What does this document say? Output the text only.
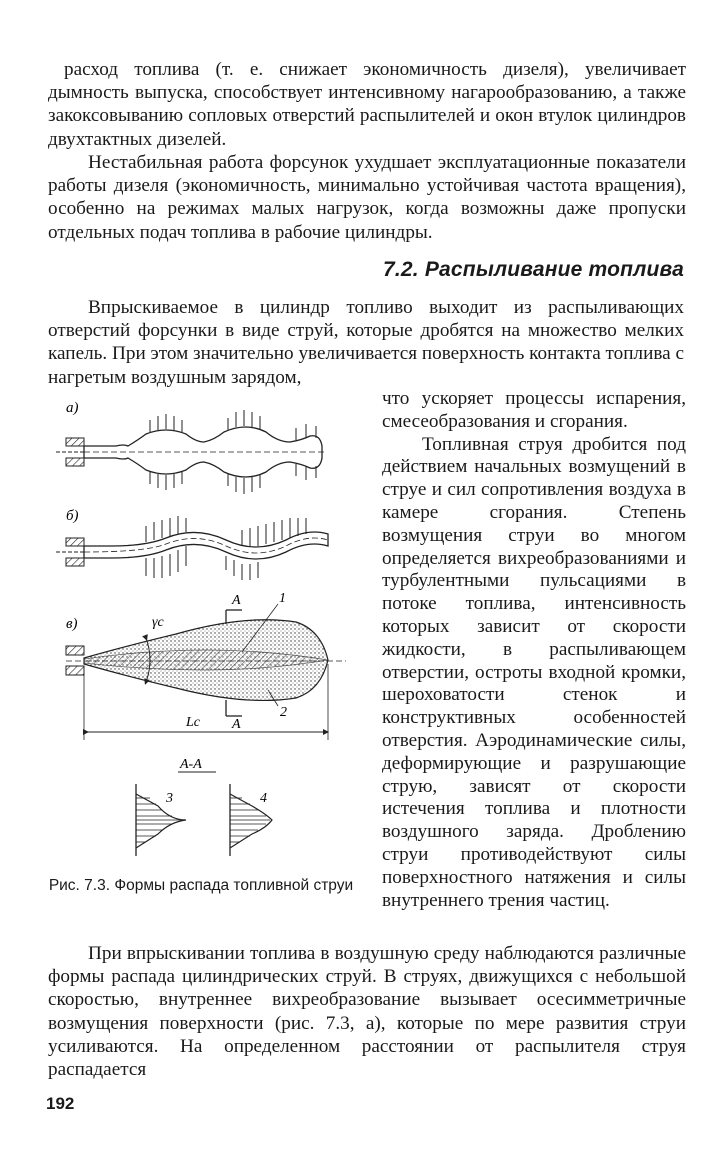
расход топлива (т. е. снижает экономичность дизеля), увеличивает дымность выпуска, способствует интенсивному нагарообразованию, а также закоксовыванию сопловых отверстий распылителей и окон втулок цилиндров двухтактных дизелей.
Нестабильная работа форсунок ухудшает эксплуатационные показатели работы дизеля (экономичность, минимально устойчивая частота вращения), особенно на режимах малых нагрузок, когда возможны даже пропуски отдельных подач топлива в рабочие цилиндры.
7.2. Распыливание топлива
Впрыскиваемое в цилиндр топливо выходит из распыливающих отверстий форсунки в виде струй, которые дробятся на множество мелких капель. При этом значительно увеличивается поверхность контакта топлива с нагретым воздушным зарядом,

что ускоряет процессы испарения, смесеобразования и сгорания.

Топливная струя дробится под действием начальных возмущений в струе и сил сопротивления воздуха в камере сгорания. Степень возмущения струи во многом определяется вихреобразованиями и турбулентными пульсациями в потоке топлива, интенсивность которых зависит от скорости жидкости, в распыливающем отверстии, остроты входной кромки, шероховатости стенок и конструктивных особенностей отверстия. Аэродинамические силы, деформирующие и разрушающие струю, зависят от скорости истечения топлива и плотности воздушного заряда. Дроблению струи противодействуют силы поверхностного натяжения и силы внутреннего трения частиц.

а)
б)
в)	γc
A
A
1
2
Lc
A-A
3	4
Рис. 7.3. Формы распада топливной струи
При впрыскивании топлива в воздушную среду наблюдаются различные формы распада цилиндрических струй. В струях, движущихся с небольшой скоростью, внутреннее вихреобразование вызывает осесимметричные возмущения поверхности (рис. 7.3, а), которые по мере развития струи усиливаются. На определенном расстоянии от распылителя струя распадается
192
